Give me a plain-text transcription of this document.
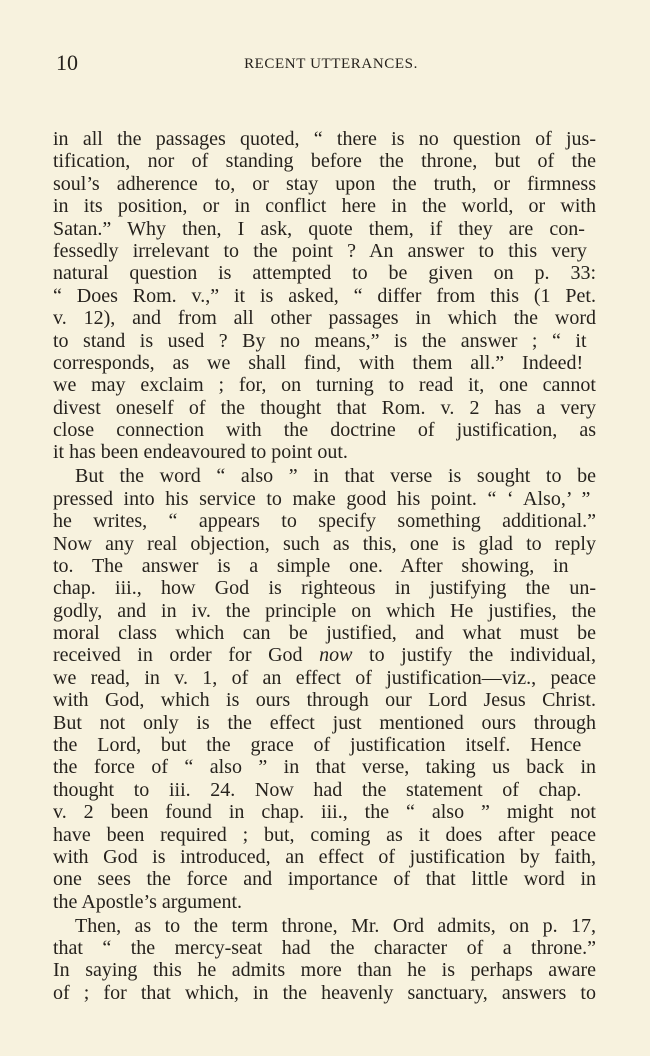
10	RECENT UTTERANCES.
in all the passages quoted, “ there is no question of jus-
tification, nor of standing before the throne, but of the
soul’s adherence to, or stay upon the truth, or firmness
in its position, or in conflict here in the world, or with
Satan.” Why then, I ask, quote them, if they are con-
fessedly irrelevant to the point ? An answer to this very
natural question is attempted to be given on p. 33:
“ Does Rom. v.,” it is asked, “ differ from this (1 Pet.
v. 12), and from all other passages in which the word
to stand is used ? By no means,” is the answer ; “ it
corresponds, as we shall find, with them all.” Indeed!
we may exclaim ; for, on turning to read it, one cannot
divest oneself of the thought that Rom. v. 2 has a very
close connection with the doctrine of justification, as
it has been endeavoured to point out.
But the word “ also ” in that verse is sought to be
pressed into his service to make good his point. “ ‘ Also,’ ”
he writes, “ appears to specify something additional.”
Now any real objection, such as this, one is glad to reply
to. The answer is a simple one. After showing, in
chap. iii., how God is righteous in justifying the un-
godly, and in iv. the principle on which He justifies, the
moral class which can be justified, and what must be
received in order for God now to justify the individual,
we read, in v. 1, of an effect of justification—viz., peace
with God, which is ours through our Lord Jesus Christ.
But not only is the effect just mentioned ours through
the Lord, but the grace of justification itself. Hence
the force of “ also ” in that verse, taking us back in
thought to iii. 24. Now had the statement of chap.
v. 2 been found in chap. iii., the “ also ” might not
have been required ; but, coming as it does after peace
with God is introduced, an effect of justification by faith,
one sees the force and importance of that little word in
the Apostle’s argument.
Then, as to the term throne, Mr. Ord admits, on p. 17,
that “ the mercy-seat had the character of a throne.”
In saying this he admits more than he is perhaps aware
of ; for that which, in the heavenly sanctuary, answers to
